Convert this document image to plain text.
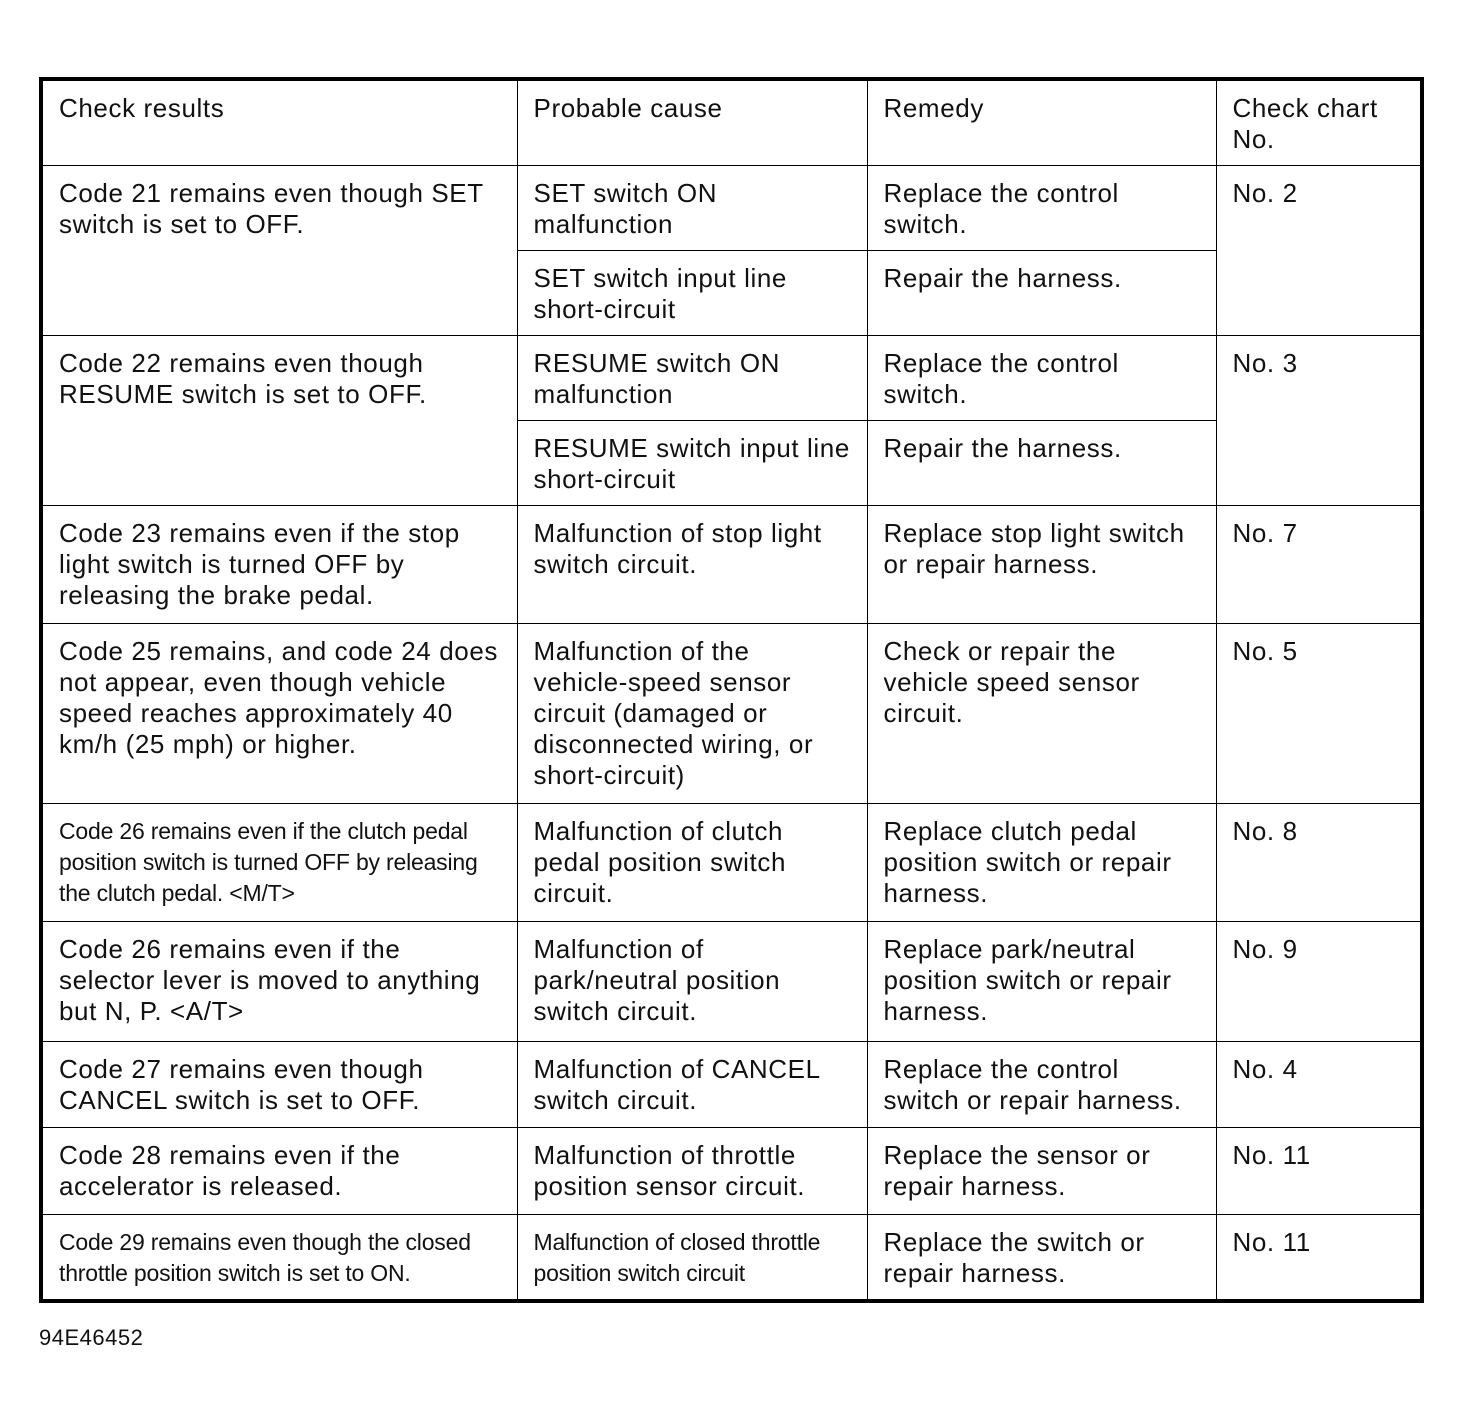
Check results	Probable cause	Remedy	Check chart
No.
Code 21 remains even though SET switch is set to OFF.	SET switch ON malfunction	Replace the control switch.	No. 2
	SET switch input line short-circuit	Repair the harness.	
Code 22 remains even though RESUME switch is set to OFF.	RESUME switch ON malfunction	Replace the control switch.	No. 3
	RESUME switch input line short-circuit	Repair the harness.	
Code 23 remains even if the stop light switch is turned OFF by releasing the brake pedal.	Malfunction of stop light switch circuit.	Replace stop light switch or repair harness.	No. 7
Code 25 remains, and code 24 does not appear, even though vehicle speed reaches approximately 40 km/h (25 mph) or higher.	Malfunction of the vehicle-speed sensor circuit (damaged or disconnected wiring, or short-circuit)	Check or repair the vehicle speed sensor circuit.	No. 5
Code 26 remains even if the clutch pedal position switch is turned OFF by releasing the clutch pedal. <M/T>	Malfunction of clutch pedal position switch circuit.	Replace clutch pedal position switch or repair harness.	No. 8
Code 26 remains even if the selector lever is moved to anything but N, P. <A/T>	Malfunction of park/neutral position switch circuit.	Replace park/neutral position switch or repair harness.	No. 9
Code 27 remains even though CANCEL switch is set to OFF.	Malfunction of CANCEL switch circuit.	Replace the control switch or repair harness.	No. 4
Code 28 remains even if the accelerator is released.	Malfunction of throttle position sensor circuit.	Replace the sensor or repair harness.	No. 11
Code 29 remains even though the closed throttle position switch is set to ON.	Malfunction of closed throttle position switch circuit	Replace the switch or repair harness.	No. 11
94E46452
